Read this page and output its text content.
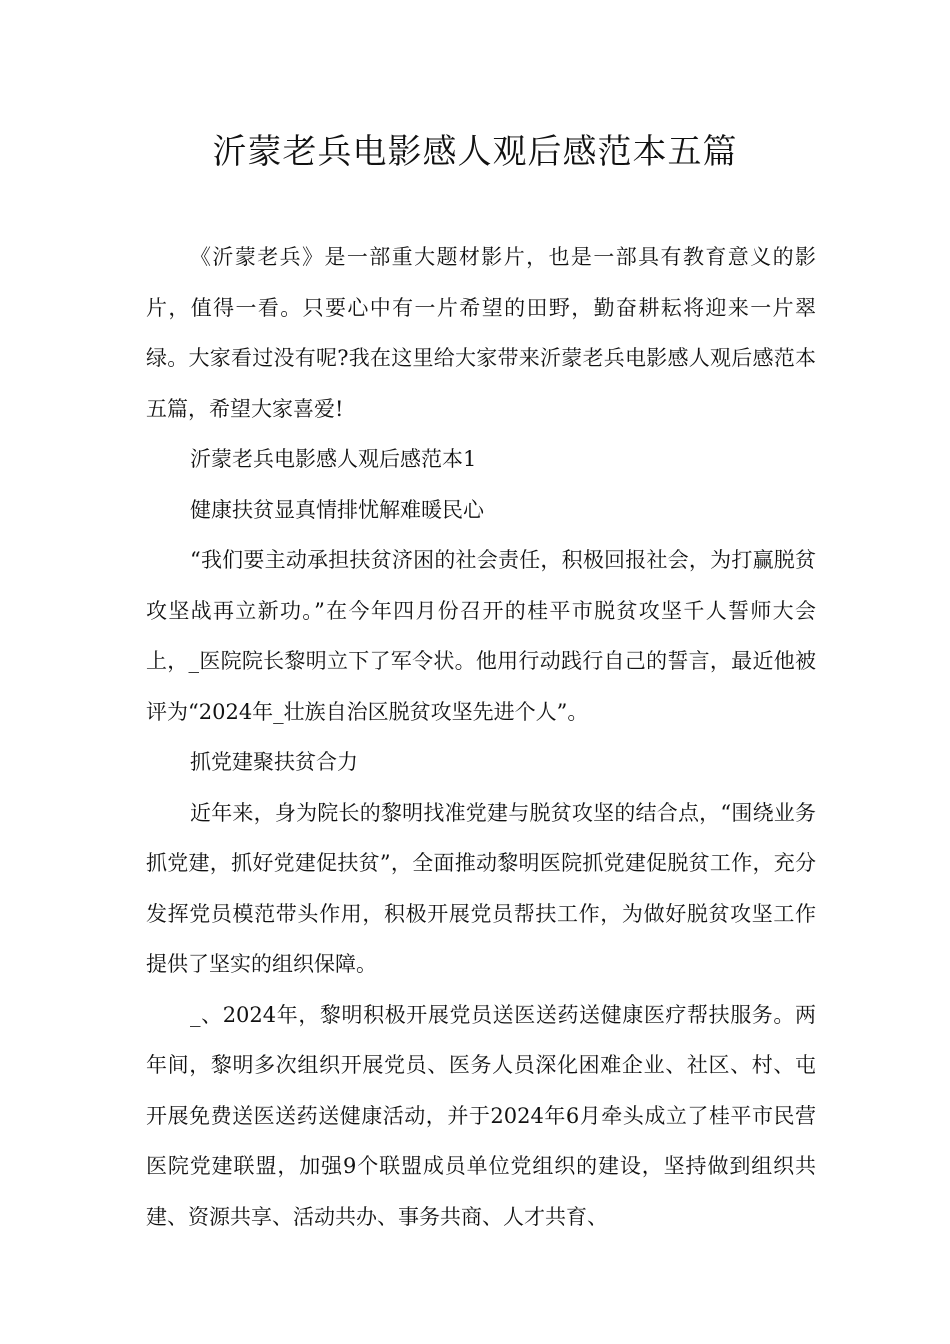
沂蒙老兵电影感人观后感范本五篇

《沂蒙老兵》是一部重大题材影片，也是一部具有教育意义的影片，值得一看。只要心中有一片希望的田野，勤奋耕耘将迎来一片翠绿。大家看过没有呢?我在这里给大家带来沂蒙老兵电影感人观后感范本五篇，希望大家喜爱!

沂蒙老兵电影感人观后感范本1

健康扶贫显真情排忧解难暖民心

“我们要主动承担扶贫济困的社会责任，积极回报社会，为打赢脱贫攻坚战再立新功。”在今年四月份召开的桂平市脱贫攻坚千人誓师大会上，_医院院长黎明立下了军令状。他用行动践行自己的誓言，最近他被评为“2024年_壮族自治区脱贫攻坚先进个人”。

抓党建聚扶贫合力

近年来，身为院长的黎明找准党建与脱贫攻坚的结合点，“围绕业务抓党建，抓好党建促扶贫”，全面推动黎明医院抓党建促脱贫工作，充分发挥党员模范带头作用，积极开展党员帮扶工作，为做好脱贫攻坚工作提供了坚实的组织保障。

_、2024年，黎明积极开展党员送医送药送健康医疗帮扶服务。两年间，黎明多次组织开展党员、医务人员深化困难企业、社区、村、屯开展免费送医送药送健康活动，并于2024年6月牵头成立了桂平市民营医院党建联盟，加强9个联盟成员单位党组织的建设，坚持做到组织共建、资源共享、活动共办、事务共商、人才共育、
